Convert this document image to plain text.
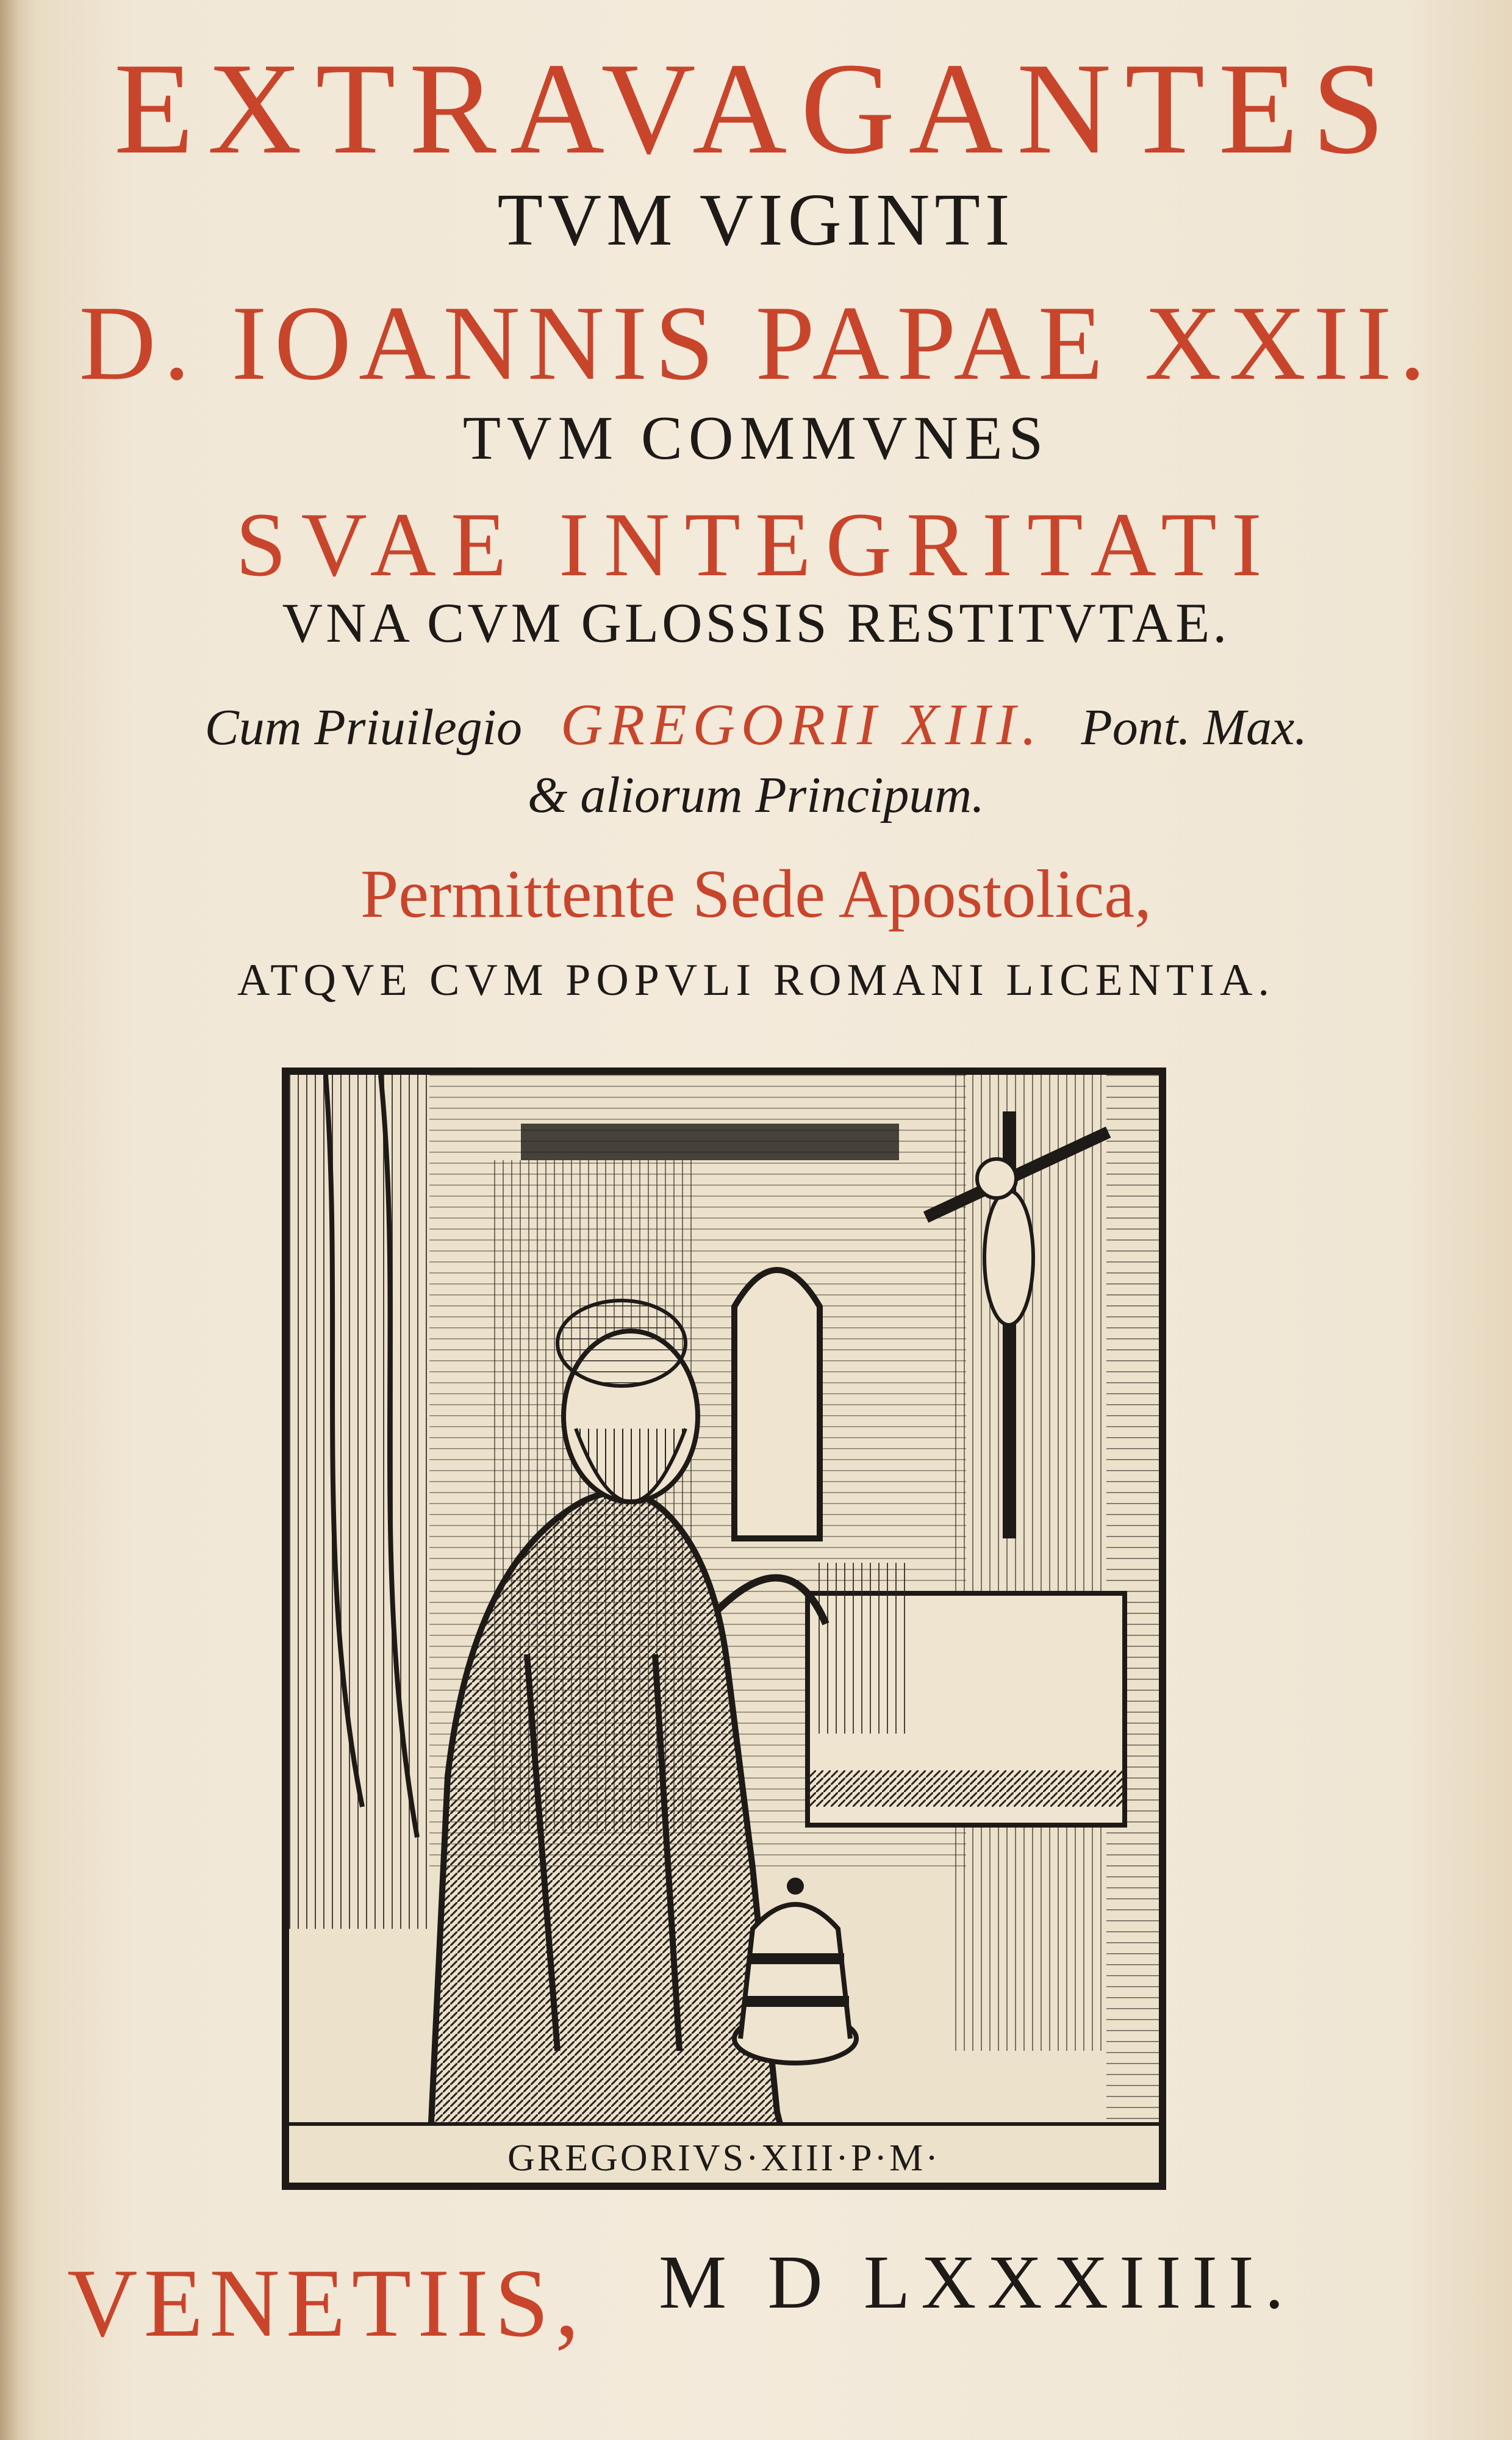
EXTRAVAGANTES
TVM VIGINTI
D. IOANNIS PAPAE XXII.
TVM COMMVNES
SVAE INTEGRITATI
VNA CVM GLOSSIS RESTITVTAE.
Cum Priuilegio GREGORII XIII. Pont. Max.
& aliorum Principum.
Permittente Sede Apostolica,
ATQVE CVM POPVLI ROMANI LICENTIA.
GREGORIVS·XIII·P·M·
VENETIIS, M D LXXXIIII.
